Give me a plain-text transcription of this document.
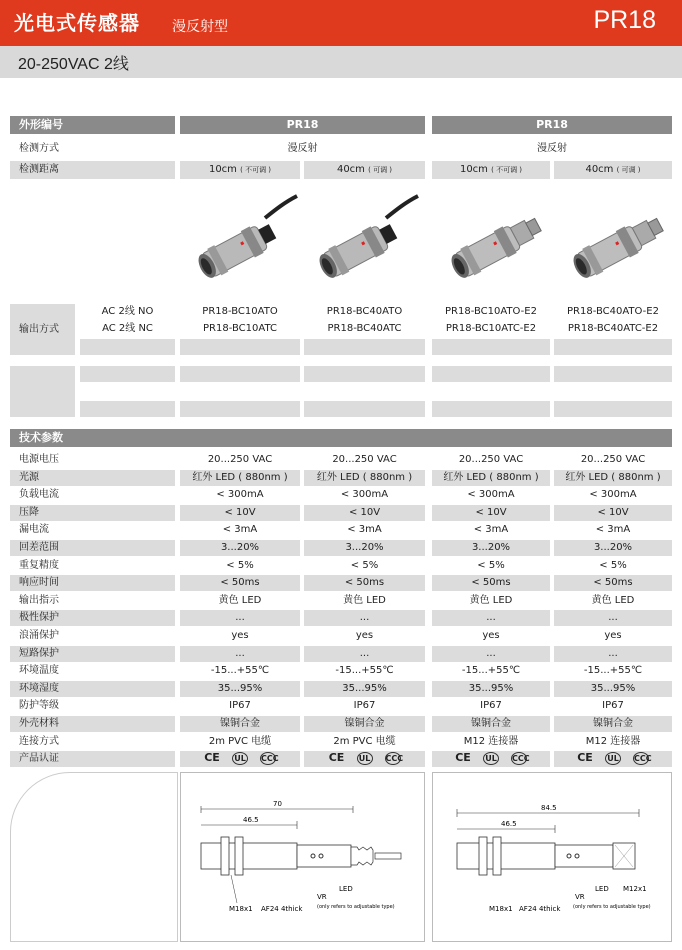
光电式传感器 漫反射型	PR18
20-250VAC 2线
外形编号	PR18	PR18
检测方式	漫反射	漫反射
检测距离	10cm ( 不可调 )	40cm ( 可调 )	10cm ( 不可调 )	40cm ( 可调 )
输出方式
AC 2线 NO	PR18-BC10ATO	PR18-BC40ATO	PR18-BC10ATO-E2	PR18-BC40ATO-E2
AC 2线 NC	PR18-BC10ATC	PR18-BC40ATC	PR18-BC10ATC-E2	PR18-BC40ATC-E2
技术参数
电源电压	20...250 VAC	20...250 VAC	20...250 VAC	20...250 VAC
光源	红外 LED ( 880nm )	红外 LED ( 880nm )	红外 LED ( 880nm )	红外 LED ( 880nm )
负载电流	< 300mA	< 300mA	< 300mA	< 300mA
压降	< 10V	< 10V	< 10V	< 10V
漏电流	< 3mA	< 3mA	< 3mA	< 3mA
回差范围	3...20%	3...20%	3...20%	3...20%
重复精度	< 5%	< 5%	< 5%	< 5%
响应时间	< 50ms	< 50ms	< 50ms	< 50ms
输出指示	黄色 LED	黄色 LED	黄色 LED	黄色 LED
极性保护	...	...	...	...
浪涌保护	yes	yes	yes	yes
短路保护	...	...	...	...
环境温度	-15...+55℃	-15...+55℃	-15...+55℃	-15...+55℃
环境湿度	35...95%	35...95%	35...95%	35...95%
防护等级	IP67	IP67	IP67	IP67
外壳材料	镍铜合金	镍铜合金	镍铜合金	镍铜合金
连接方式	2m PVC 电缆	2m PVC 电缆	M12 连接器	M12 连接器
产品认证	CE UL CCC	CE UL CCC	CE UL CCC	CE UL CCC
70
46.5
M18x1 AF24 4thick
VR
LED
(only refers to adjustable type)
84.5
46.5
M18x1 AF24 4thick
VR
LED M12x1
(only refers to adjustable type)
